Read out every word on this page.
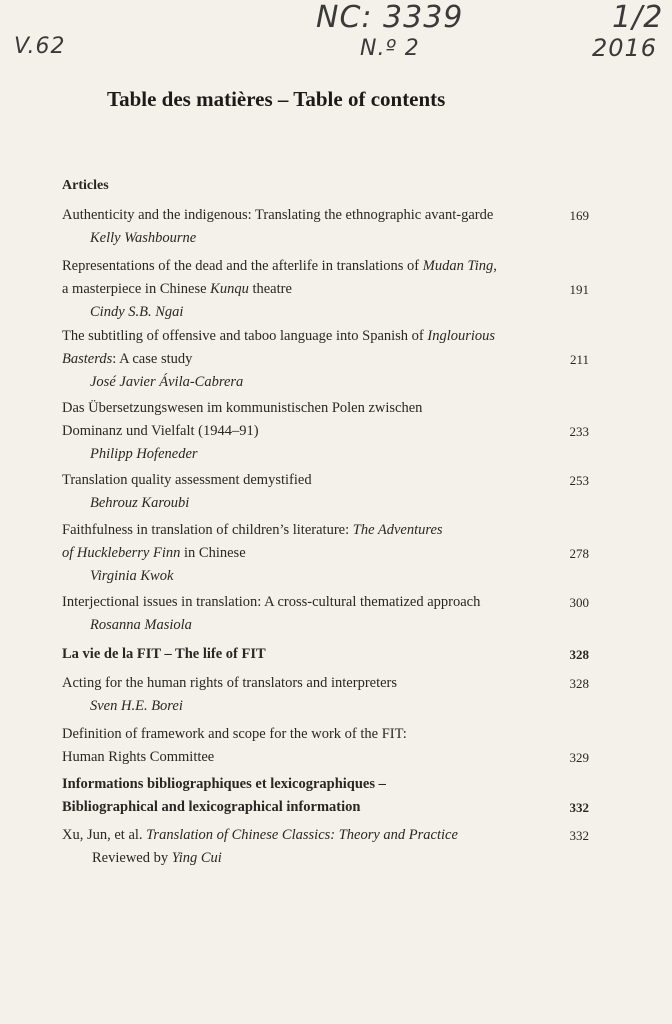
V.62
NC: 3339
N.º 2
1/2
2016
Table des matières – Table of contents
Articles
Authenticity and the indigenous: Translating the ethnographic avant-garde
Kelly Washbourne
169
Representations of the dead and the afterlife in translations of Mudan Ting,
a masterpiece in Chinese Kunqu theatre
Cindy S.B. Ngai
191
The subtitling of offensive and taboo language into Spanish of Inglourious
Basterds: A case study
José Javier Ávila-Cabrera
211
Das Übersetzungswesen im kommunistischen Polen zwischen
Dominanz und Vielfalt (1944–91)
Philipp Hofeneder
233
Translation quality assessment demystified
Behrouz Karoubi
253
Faithfulness in translation of children’s literature: The Adventures
of Huckleberry Finn in Chinese
Virginia Kwok
278
Interjectional issues in translation: A cross-cultural thematized approach
Rosanna Masiola
300
La vie de la FIT – The life of FIT	328
Acting for the human rights of translators and interpreters
Sven H.E. Borei
328
Definition of framework and scope for the work of the FIT:
Human Rights Committee	329
Informations bibliographiques et lexicographiques –
Bibliographical and lexicographical information	332
Xu, Jun, et al. Translation of Chinese Classics: Theory and Practice
Reviewed by Ying Cui
332
